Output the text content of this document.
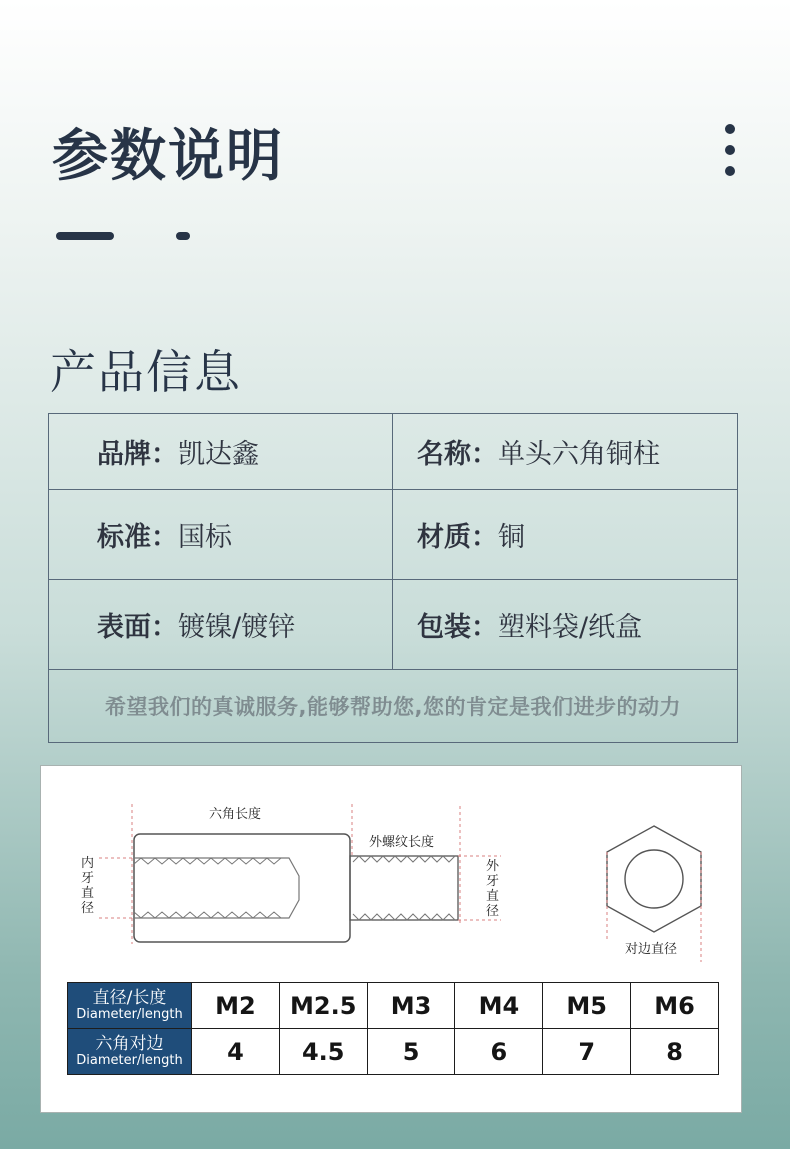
参数说明
产品信息
品牌： 凯达鑫	名称： 单头六角铜柱
标准： 国标	材质： 铜
表面： 镀镍/镀锌	包装： 塑料袋/纸盒
希望我们的真诚服务,能够帮助您,您的肯定是我们进步的动力
六角长度
外螺纹长度
内
牙
直
径
外
牙
直
径
对边直径
直径/长度
Diameter/length	M2	M2.5	M3	M4	M5	M6

六角对边
Diameter/length	4	4.5	5	6	7	8
